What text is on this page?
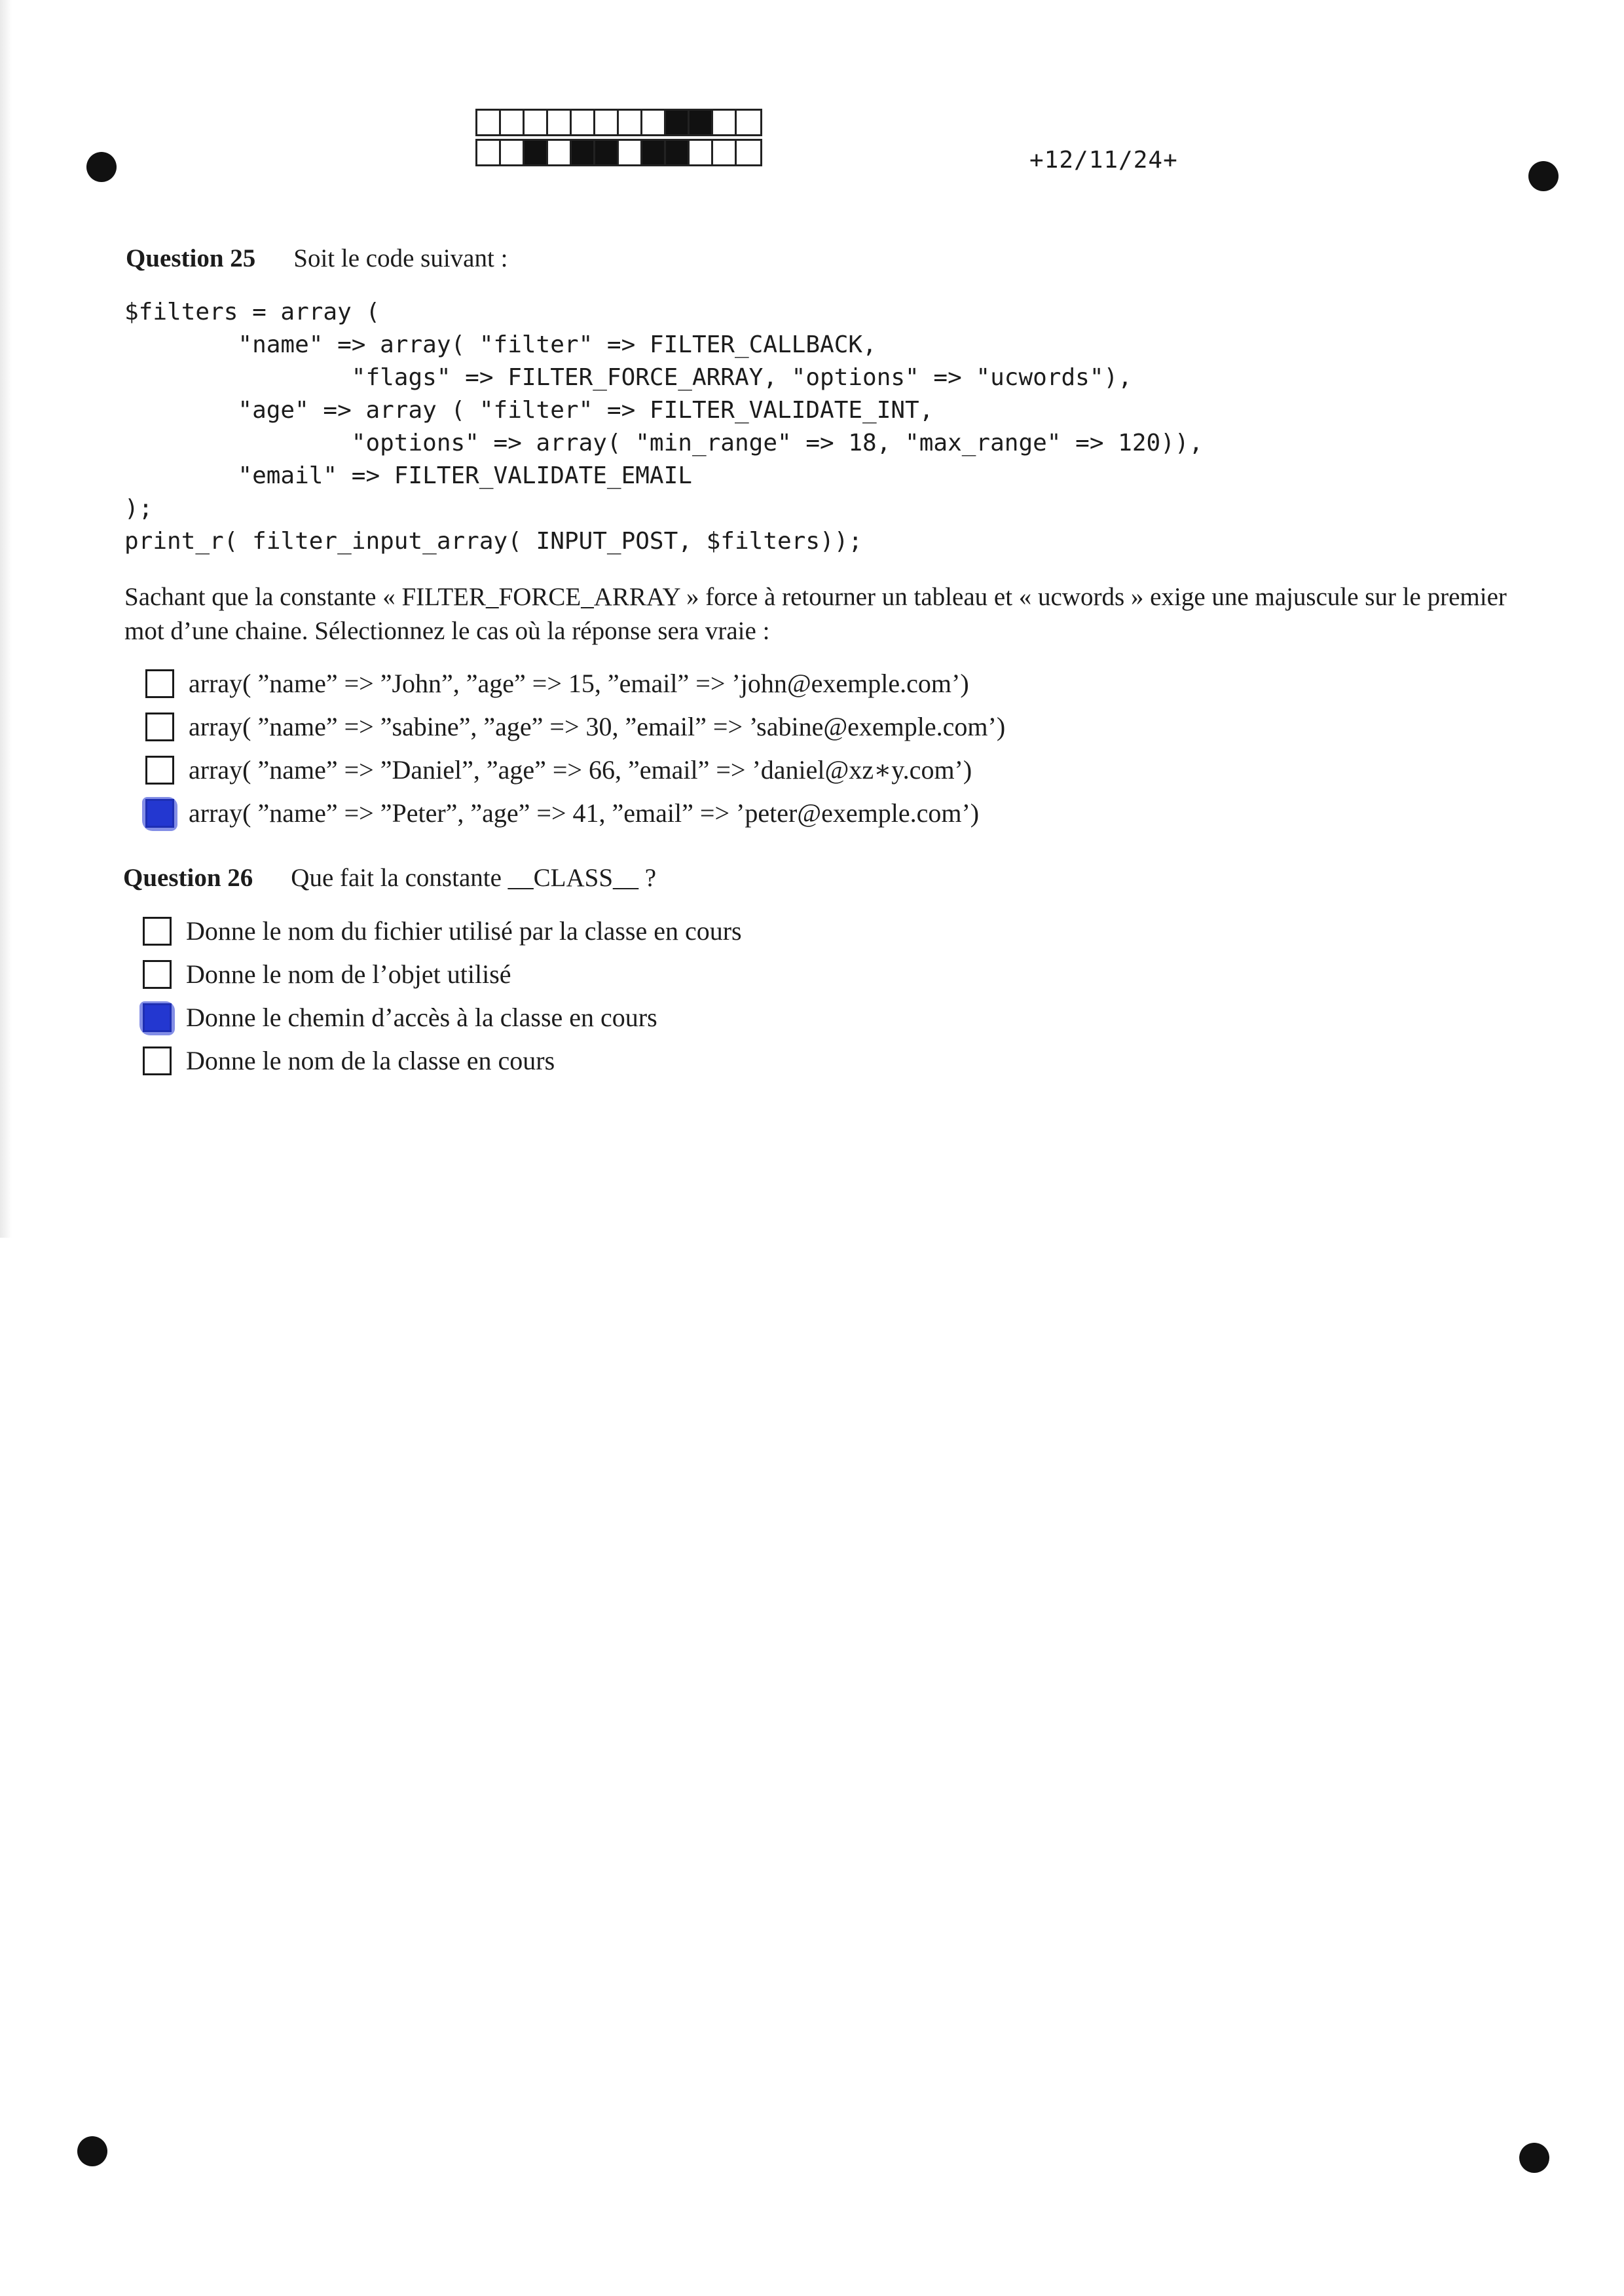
+12/11/24+
Question 25 Soit le code suivant :
$filters = array (
"name" => array( "filter" => FILTER_CALLBACK,
"flags" => FILTER_FORCE_ARRAY, "options" => "ucwords"),
"age" => array ( "filter" => FILTER_VALIDATE_INT,
"options" => array( "min_range" => 18, "max_range" => 120)),
"email" => FILTER_VALIDATE_EMAIL
);
print_r( filter_input_array( INPUT_POST, $filters));

Sachant que la constante « FILTER_FORCE_ARRAY » force à retourner un tableau et « ucwords » exige une majuscule sur le premier mot d’une chaine. Sélectionnez le cas où la réponse sera vraie :

array( ”name” => ”John”, ”age” => 15, ”email” => ’john@exemple.com’)
array( ”name” => ”sabine”, ”age” => 30, ”email” => ’sabine@exemple.com’)
array( ”name” => ”Daniel”, ”age” => 66, ”email” => ’daniel@xz∗y.com’)
array( ”name” => ”Peter”, ”age” => 41, ”email” => ’peter@exemple.com’)
Question 26 Que fait la constante __CLASS__ ?
Donne le nom du fichier utilisé par la classe en cours
Donne le nom de l’objet utilisé
Donne le chemin d’accès à la classe en cours
Donne le nom de la classe en cours
